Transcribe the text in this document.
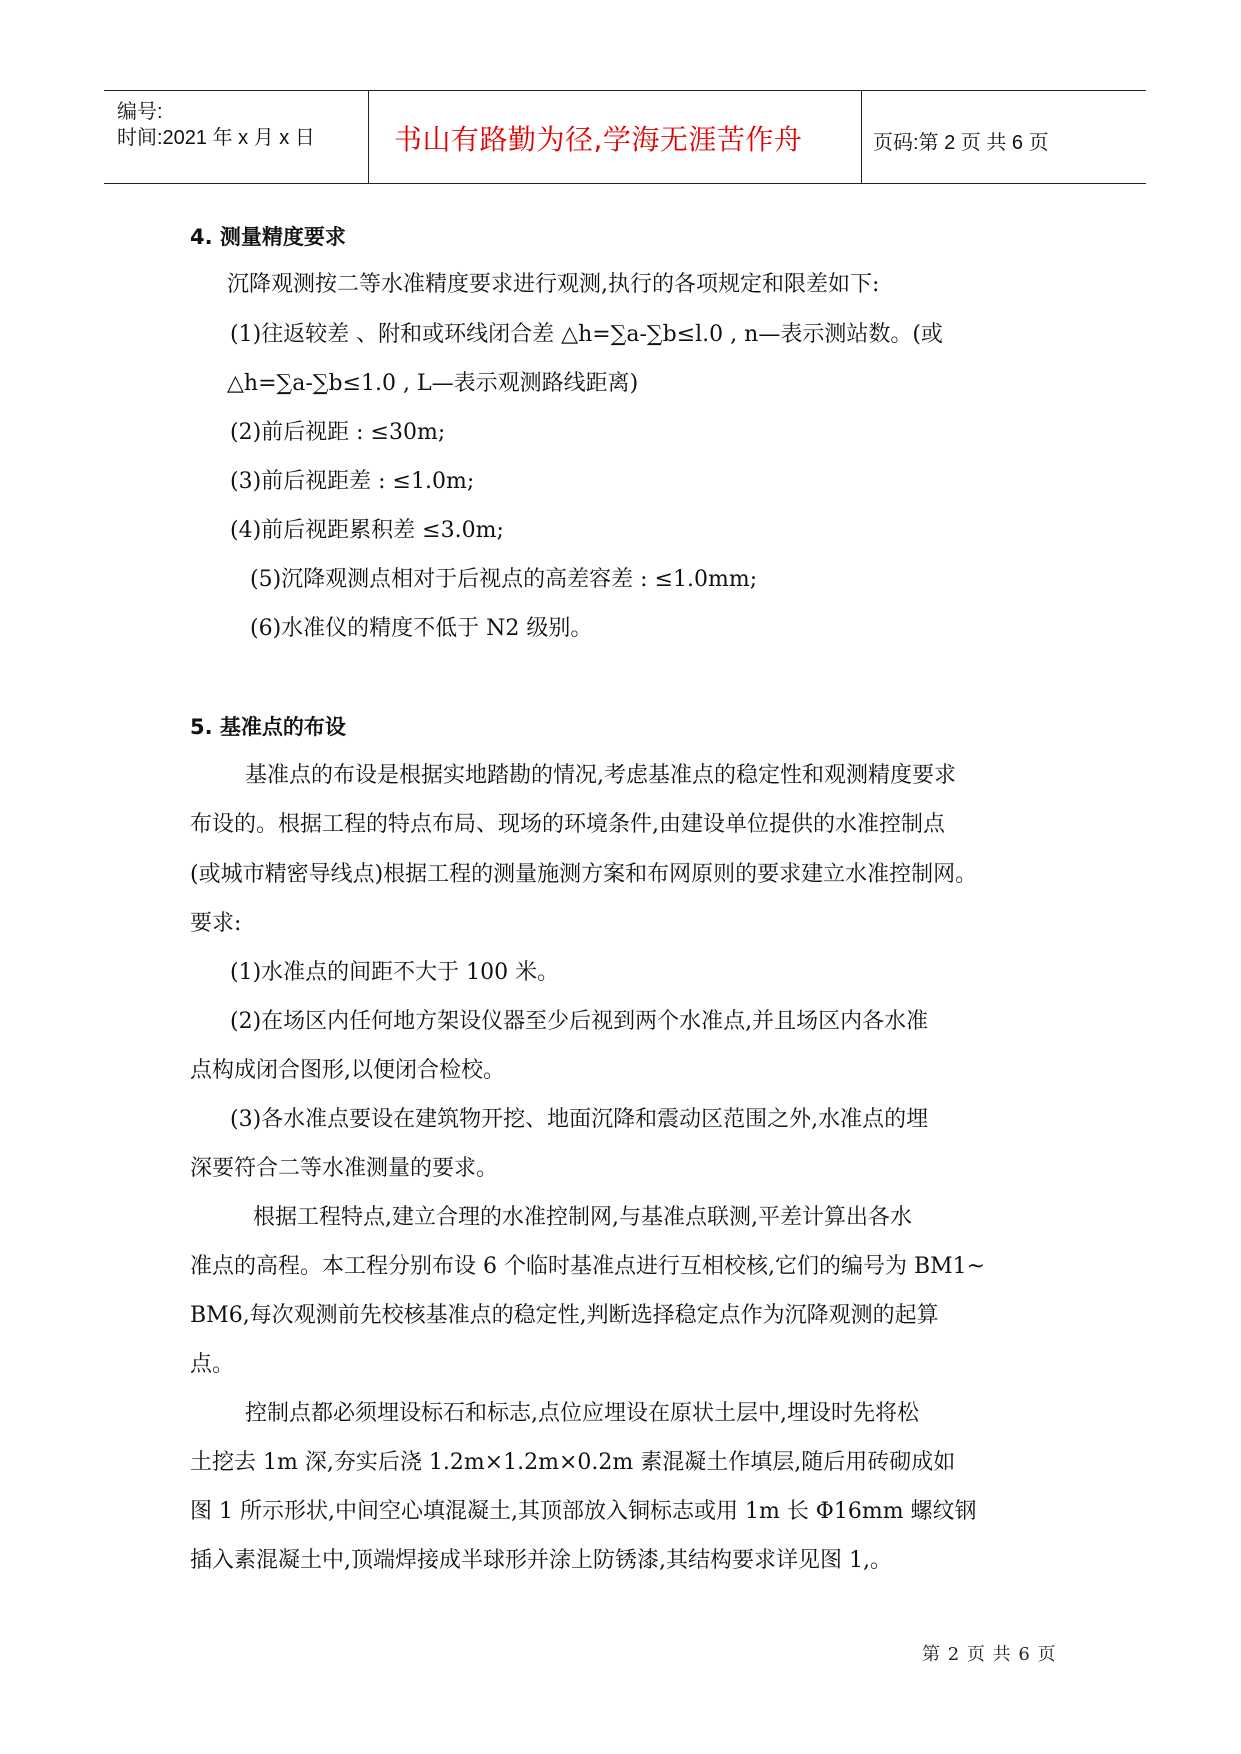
编号:
时间:2021 年 x 月 x 日	书山有路勤为径,学海无涯苦作舟	页码:第 2 页 共 6 页
4. 测量精度要求
沉降观测按二等水准精度要求进行观测,执行的各项规定和限差如下:
(1)往返较差 、附和或环线闭合差 △h=∑a-∑b≤l.0 , n—表示测站数。(或
△h=∑a-∑b≤1.0 , L—表示观测路线距离)
(2)前后视距 : ≤30m;
(3)前后视距差 : ≤1.0m;
(4)前后视距累积差 ≤3.0m;
(5)沉降观测点相对于后视点的高差容差 : ≤1.0mm;
(6)水准仪的精度不低于 N2 级别。
5. 基准点的布设
基准点的布设是根据实地踏勘的情况,考虑基准点的稳定性和观测精度要求
布设的。根据工程的特点布局、现场的环境条件,由建设单位提供的水准控制点
(或城市精密导线点)根据工程的测量施测方案和布网原则的要求建立水准控制网。
要求:
(1)水准点的间距不大于 100 米。
(2)在场区内任何地方架设仪器至少后视到两个水准点,并且场区内各水准
点构成闭合图形,以便闭合检校。
(3)各水准点要设在建筑物开挖、地面沉降和震动区范围之外,水准点的埋
深要符合二等水准测量的要求。
根据工程特点,建立合理的水准控制网,与基准点联测,平差计算出各水
准点的高程。本工程分别布设 6 个临时基准点进行互相校核,它们的编号为 BM1~
BM6,每次观测前先校核基准点的稳定性,判断选择稳定点作为沉降观测的起算
点。
控制点都必须埋设标石和标志,点位应埋设在原状土层中,埋设时先将松
土挖去 1m 深,夯实后浇 1.2m×1.2m×0.2m 素混凝土作填层,随后用砖砌成如
图 1 所示形状,中间空心填混凝土,其顶部放入铜标志或用 1m 长 Φ16mm 螺纹钢
插入素混凝土中,顶端焊接成半球形并涂上防锈漆,其结构要求详见图 1,。
第 2 页 共 6 页
